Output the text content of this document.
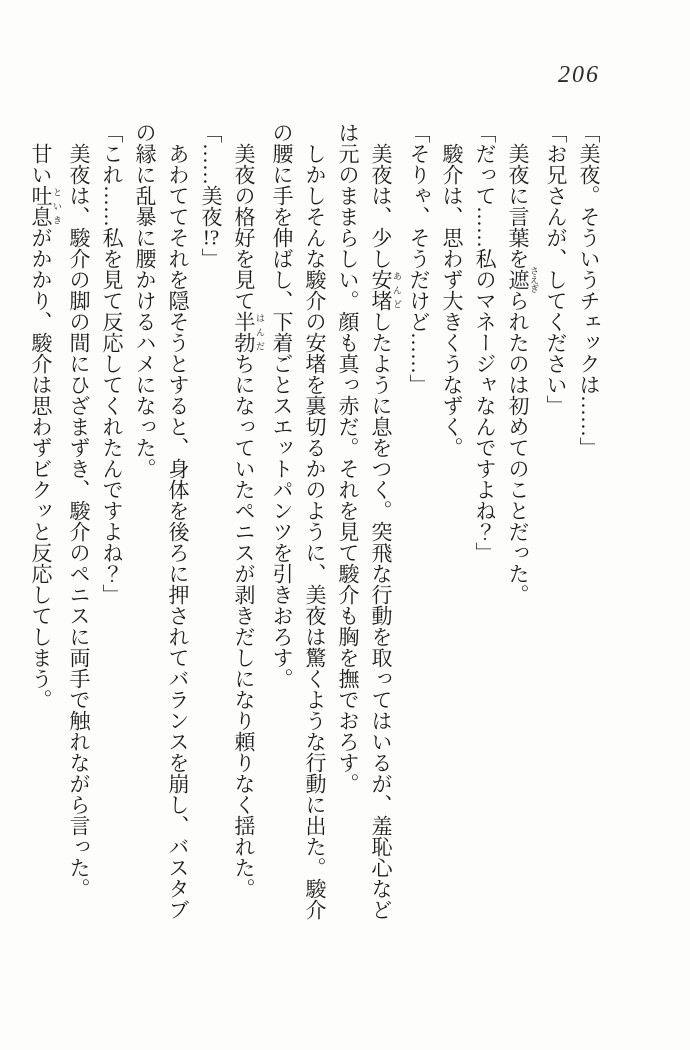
206

「美夜。そういうチェックは……」

「お兄さんが、してください」

美夜に言葉を遮 さえぎられたのは初めてのことだった。

「だって……私のマネージャなんですよね？」

駿介は、思わず大きくうなずく。

「そりゃ、そうだけど……」

美夜は、少し安堵 あんどしたように息をつく。突飛な行動を取ってはいるが、羞恥心などは元のままらしい。顔も真っ赤だ。それを見て駿介も胸を撫でおろす。

しかしそんな駿介の安堵を裏切るかのように、美夜は驚くような行動に出た。駿介の腰に手を伸ばし、下着ごとスエットパンツを引きおろす。

美夜の格好を見て半勃 はんだちになっていたペニスが剥きだしになり頼りなく揺れた。

「……美夜!?」

あわててそれを隠そうとすると、身体を後ろに押されてバランスを崩し、バスタブの縁に乱暴に腰かけるハメになった。

「これ……私を見て反応してくれたんですよね？」

美夜は、駿介の脚の間にひざまずき、駿介のペニスに両手で触れながら言った。

甘い吐息 といきがかかり、駿介は思わずビクッと反応してしまう。
